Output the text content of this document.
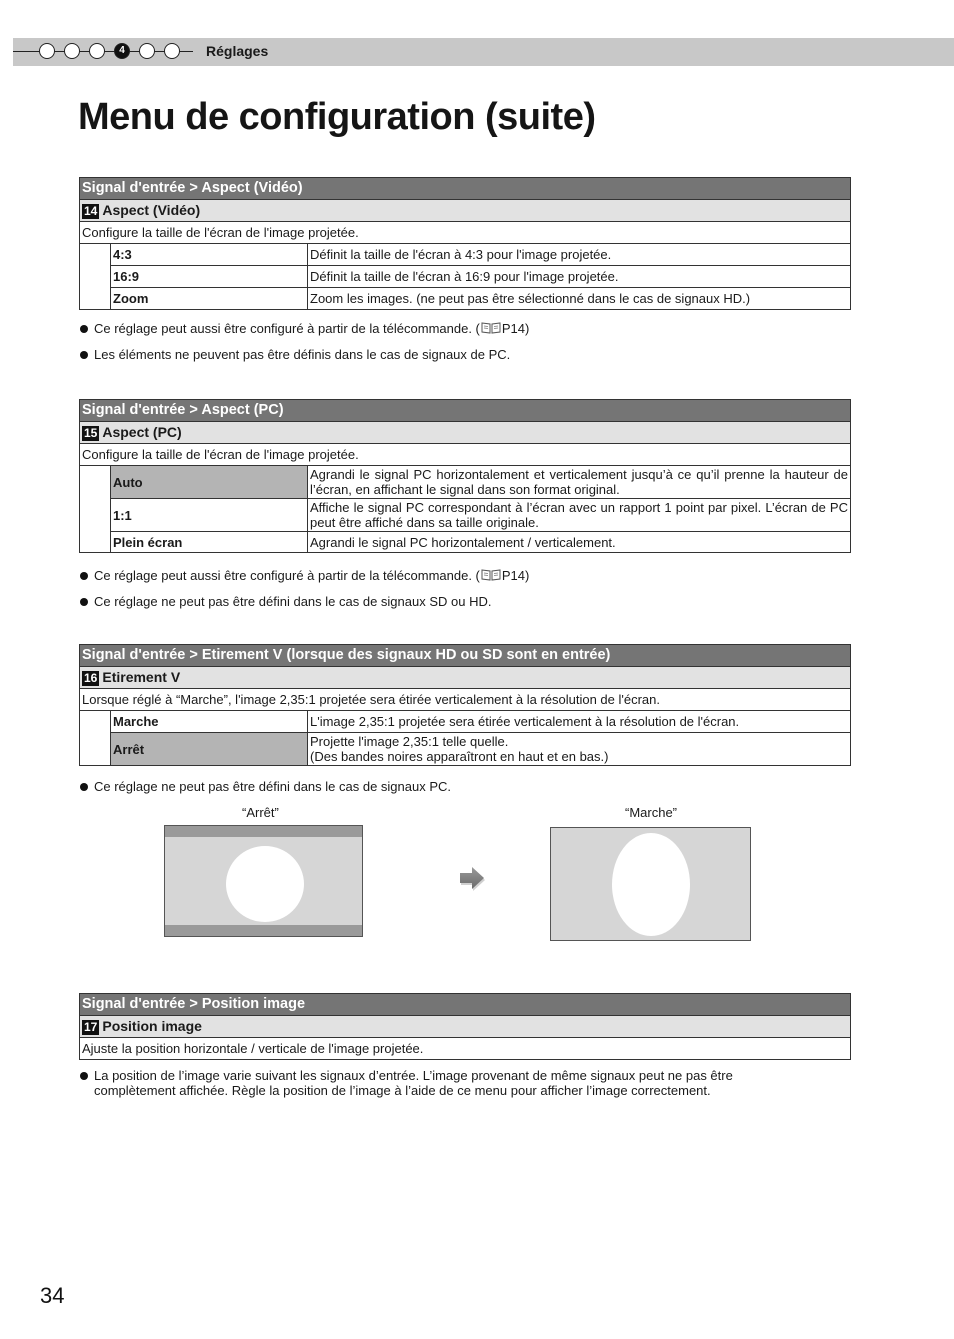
4	Réglages
Menu de configuration (suite)
Signal d'entrée > Aspect (Vidéo)		
14 Aspect (Vidéo)		
Configure la taille de l'écran de l'image projetée.		
	4:3	Définit la taille de l'écran à 4:3 pour l'image projetée.
	16:9	Définit la taille de l'écran à 16:9 pour l'image projetée.
	Zoom	Zoom les images. (ne peut pas être sélectionné dans le cas de signaux HD.)
Ce réglage peut aussi être configuré à partir de la télécommande. ( P14)
Les éléments ne peuvent pas être définis dans le cas de signaux de PC.
Signal d'entrée > Aspect (PC)		
15 Aspect (PC)		
Configure la taille de l'écran de l'image projetée.		
	Auto	Agrandi le signal PC horizontalement et verticalement jusqu’à ce qu’il prenne la hauteur de l’écran, en affichant le signal dans son format original.
	1:1	Affiche le signal PC correspondant à l’écran avec un rapport 1 point par pixel. L’écran de PC peut être affiché dans sa taille originale.
	Plein écran	Agrandi le signal PC horizontalement / verticalement.
Ce réglage peut aussi être configuré à partir de la télécommande. ( P14)
Ce réglage ne peut pas être défini dans le cas de signaux SD ou HD.
Signal d'entrée > Etirement V (lorsque des signaux HD ou SD sont en entrée)		
16 Etirement V		
Lorsque réglé à “Marche”, l'image 2,35:1 projetée sera étirée verticalement à la résolution de l'écran.		
	Marche	L'image 2,35:1 projetée sera étirée verticalement à la résolution de l'écran.
	Arrêt	Projette l'image 2,35:1 telle quelle.
(Des bandes noires apparaîtront en haut et en bas.)
Ce réglage ne peut pas être défini dans le cas de signaux PC.
“Arrêt”	“Marche”
Signal d'entrée > Position image
17 Position image
Ajuste la position horizontale / verticale de l'image projetée.
La position de l’image varie suivant les signaux d’entrée. L’image provenant de même signaux peut ne pas être complètement affichée. Règle la position de l’image à l’aide de ce menu pour afficher l’image correctement.
34
